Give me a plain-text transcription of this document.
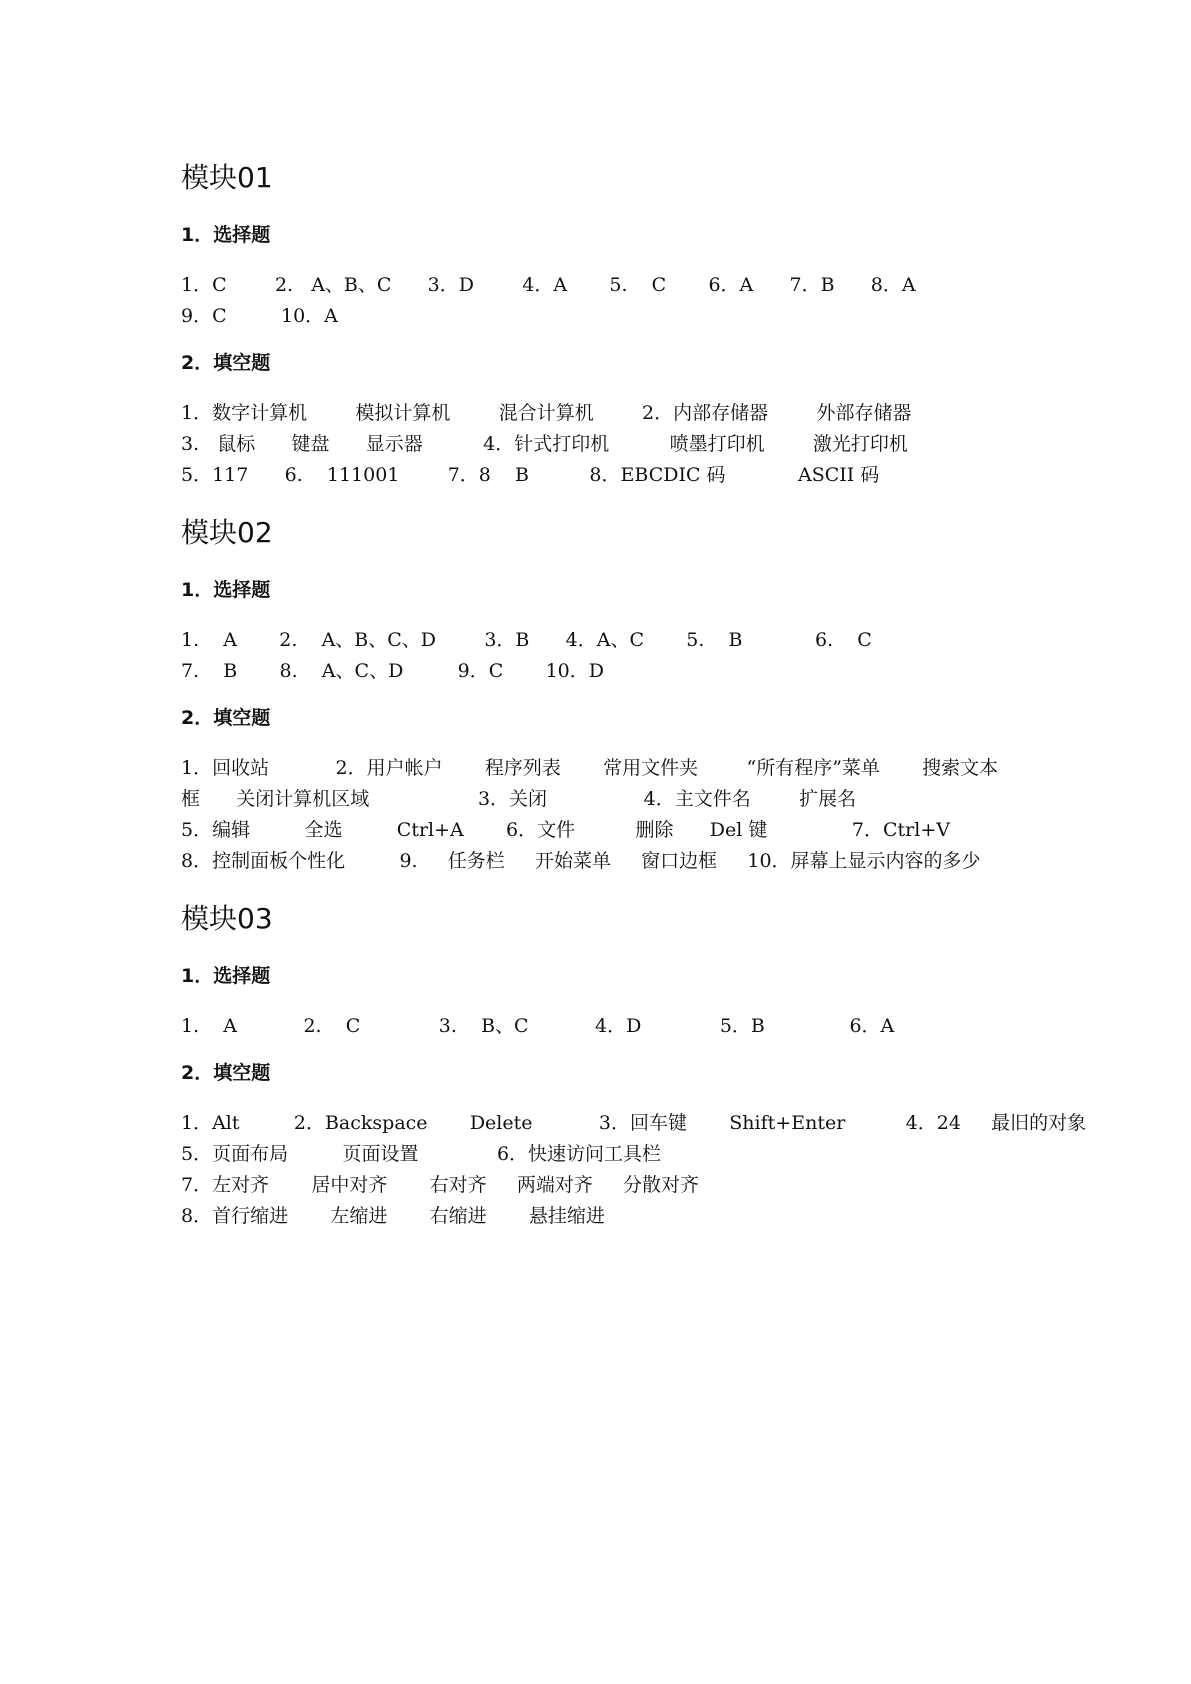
模块01
1．选择题

1．C        2.   A、B、C      3．D        4．A       5.    C       6．A      7．B      8．A

9．C         10．A

2．填空题

1．数字计算机        模拟计算机        混合计算机        2．内部存储器        外部存储器

3.   鼠标      键盘      显示器          4．针式打印机          喷墨打印机        激光打印机

5．117      6.    111001        7．8    B          8．EBCDIC 码            ASCII 码

模块02
1．选择题

1.    A       2.    A、B、C、D        3．B      4．A、C       5.    B            6.    C

7.    B       8.    A、C、D         9．C       10．D

2．填空题

1．回收站           2．用户帐户       程序列表       常用文件夹        “所有程序”菜单       搜索文本

框      关闭计算机区域                  3．关闭                4．主文件名        扩展名

5．编辑         全选         Ctrl+A       6．文件          删除      Del 键              7．Ctrl+V

8．控制面板个性化         9.     任务栏     开始菜单     窗口边框     10．屏幕上显示内容的多少

模块03
1．选择题

1.    A           2.    C             3.    B、C           4．D             5．B              6．A

2．填空题

1．Alt         2．Backspace       Delete           3．回车键       Shift+Enter          4．24     最旧的对象

5．页面布局         页面设置             6．快速访问工具栏

7．左对齐       居中对齐       右对齐     两端对齐     分散对齐

8．首行缩进       左缩进       右缩进       悬挂缩进
